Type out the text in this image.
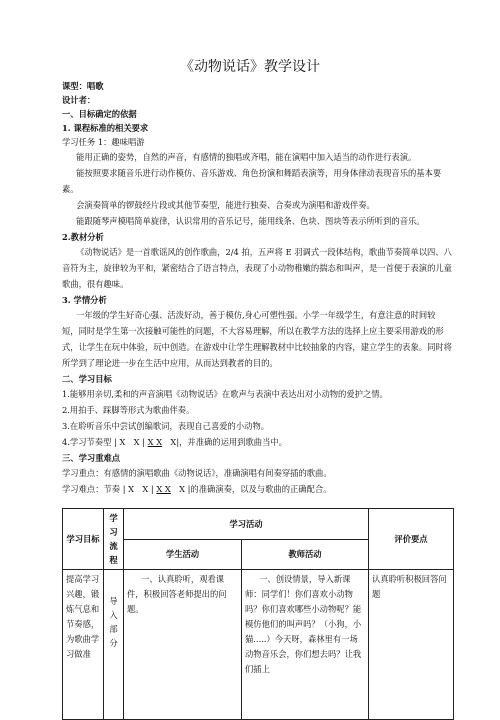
《动物说话》教学设计
课型：唱歌
设计者：
一、目标确定的依据
1. 课程标准的相关要求
学习任务 1：趣味唱游
能用正确的姿势，自然的声音，有感情的独唱或齐唱，能在演唱中加入适当的动作进行表演。
能按照要求随音乐进行动作模仿、音乐游戏、角色扮演和舞蹈表演等，用身体律动表现音乐的基本要素。
会演奏简单的锣鼓经片段或其他节奏型，能进行独奏、合奏或为演唱和游戏伴奏。
能跟随琴声模唱简单旋律，认识常用的音乐记号，能用线条、色块、图块等表示所听到的音乐。
2.教材分析
《动物说话》是一首歌谣风的创作歌曲，2/4 拍，五声将 E 羽调式一段体结构，歌曲节奏简单以四、八音符为主，旋律较为平和，紧密结合了语言特点，表现了小动物稚嫩的揣态和叫声，是一首便于表演的儿童歌曲，很有趣味。
3. 学情分析
一年级的学生好奇心强、活泼好动，善于模仿,身心可塑性强。小学一年级学生，有意注意的时间较短，同时是学生第一次接触可能性的问题，不大容易理解，所以在教学方法的选择上应主要采用游戏的形式，让学生在玩中体验，玩中创造。在游戏中让学生理解教材中比较抽象的内容，建立学生的表象。同时将所学到了理论进一步在生活中应用，从而达到教者的目的。
二、学习目标
1.能够用亲切,柔和的声音演唱《动物说话》在歌声与表演中表达出对小动物的爱护之情。
2.用拍手、踩脚等形式为歌曲伴奏。
3.在聆听音乐中尝试创编歌词，表现自己喜爱的小动物。
4.学习节奏型 | X　X | X X　X|，并准确的运用到歌曲当中。
三、学习重难点
学习重点：有感情的演唱歌曲《动物说话》，准确演唱有间奏穿插的歌曲。
学习难点：节奏 | X　X | X X　X |的准确演奏，以及与歌曲的正确配合。
学习目标	学习流程	学习活动		评价要点
		学生活动	教师活动	
提高学习兴趣，锻炼气息和节奏感，为歌曲学习做准	导入部分	一、认真聆听，观看课件，积极回答老师提出的问题。	一、创设情景，导入新课师：同学们！你们喜欢小动物吗？你们喜欢哪些小动物呢？能模仿他们的叫声吗？（小狗，小猫.....）今天呀，森林里有一场动物音乐会，你们想去吗？让我们插上	认真聆听积极回答问题
